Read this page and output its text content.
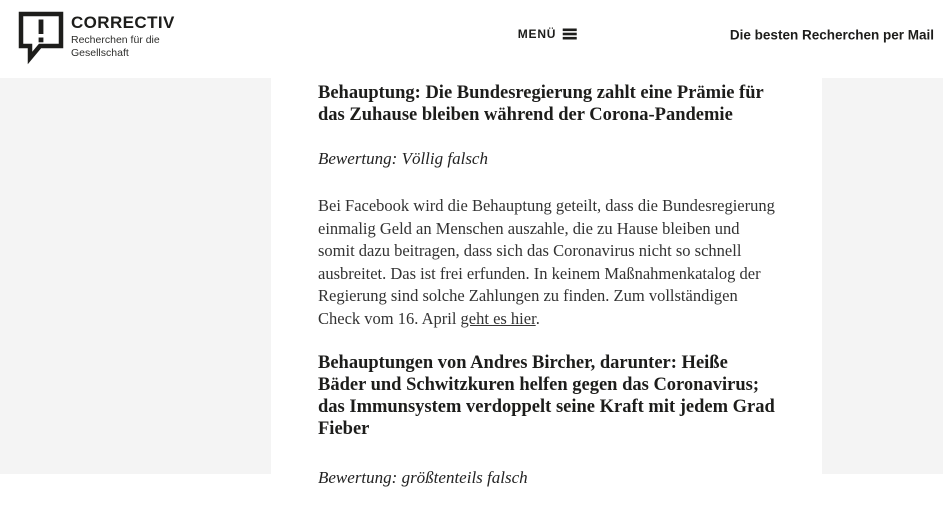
CORRECTIV
Recherchen für die
Gesellschaft
MENÜ	Die besten Recherchen per Mail
Behauptung: Die Bundesregierung zahlt eine Prämie für das Zuhause bleiben während der Corona-Pandemie

Bewertung: Völlig falsch

Bei Facebook wird die Behauptung geteilt, dass die Bundesregierung einmalig Geld an Menschen auszahle, die zu Hause bleiben und somit dazu beitragen, dass sich das Coronavirus nicht so schnell ausbreitet. Das ist frei erfunden. In keinem Maßnahmenkatalog der Regierung sind solche Zahlungen zu finden. Zum vollständigen Check vom 16. April geht es hier.

Behauptungen von Andres Bircher, darunter: Heiße Bäder und Schwitzkuren helfen gegen das Coronavirus; das Immunsystem verdoppelt seine Kraft mit jedem Grad Fieber

Bewertung: größtenteils falsch
